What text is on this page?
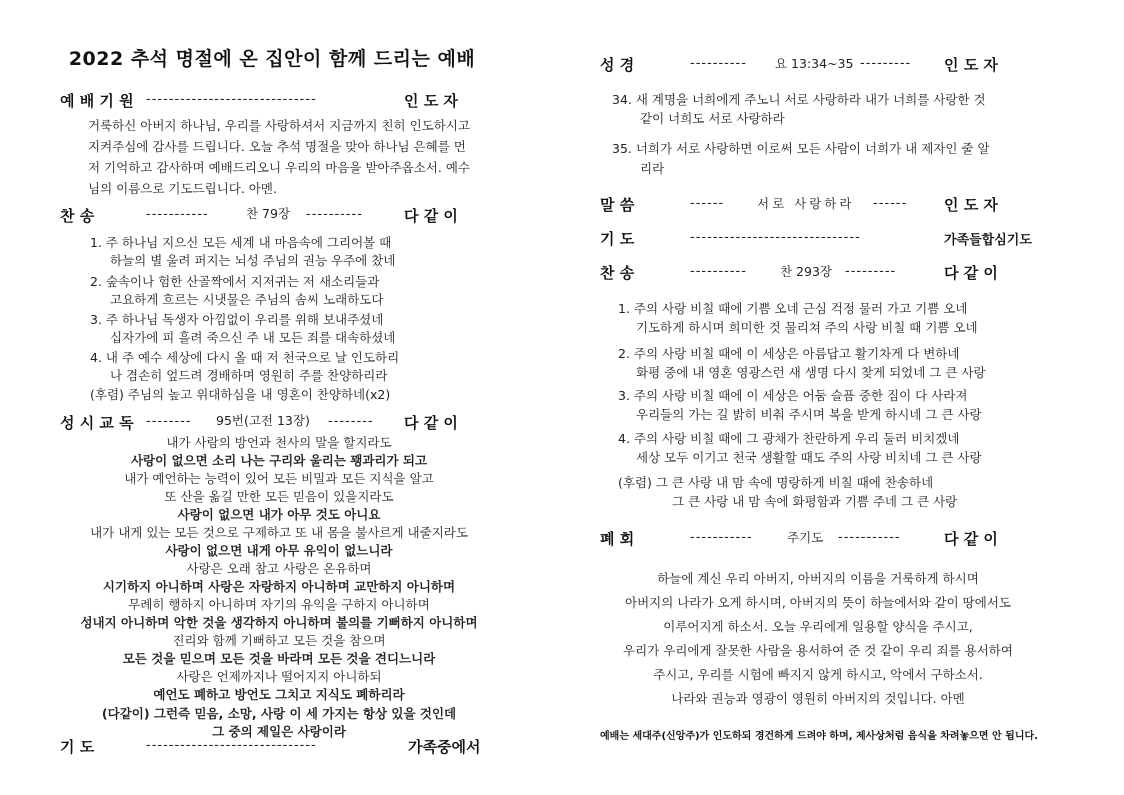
2022 추석 명절에 온 집안이 함께 드리는 예배
예 배 기 원 ------------------------------	인 도 자
거룩하신 아버지 하나님, 우리를 사랑하셔서 지금까지 친히 인도하시고
지켜주심에 감사를 드립니다. 오늘 추석 명절을 맞아 하나님 은혜를 먼
저 기억하고 감사하며 예배드리오니 우리의 마음을 받아주옵소서. 예수
님의 이름으로 기도드립니다. 아멘.
찬 송	-----------	찬 79장 ----------	다 같 이
1. 주 하나님 지으신 모든 세계 내 마음속에 그리어볼 때
하늘의 별 울려 퍼지는 뇌성 주님의 권능 우주에 찼네
2. 숲속이나 험한 산골짝에서 지저귀는 저 새소리들과
고요하게 흐르는 시냇물은 주님의 솜씨 노래하도다
3. 주 하나님 독생자 아낌없이 우리를 위해 보내주셨네
십자가에 피 흘려 죽으신 주 내 모든 죄를 대속하셨네
4. 내 주 예수 세상에 다시 올 때 저 천국으로 날 인도하리
나 겸손히 엎드려 경배하며 영원히 주를 찬양하리라
(후렴) 주님의 높고 위대하심을 내 영혼이 찬양하네(x2)
성 시 교 독 -------- 95번(고전 13장) -------- 다 같 이
내가 사람의 방언과 천사의 말을 할지라도
사랑이 없으면 소리 나는 구리와 울리는 꽹과리가 되고
내가 예언하는 능력이 있어 모든 비밀과 모든 지식을 알고
또 산을 옮길 만한 모든 믿음이 있을지라도
사랑이 없으면 내가 아무 것도 아니요
내가 내게 있는 모든 것으로 구제하고 또 내 몸을 불사르게 내줄지라도
사랑이 없으면 내게 아무 유익이 없느니라
사랑은 오래 참고 사랑은 온유하며
시기하지 아니하며 사랑은 자랑하지 아니하며 교만하지 아니하며
무례히 행하지 아니하며 자기의 유익을 구하지 아니하며
성내지 아니하며 악한 것을 생각하지 아니하며 불의를 기뻐하지 아니하며
진리와 함께 기뻐하고 모든 것을 참으며
모든 것을 믿으며 모든 것을 바라며 모든 것을 견디느니라
사랑은 언제까지나 떨어지지 아니하되
예언도 폐하고 방언도 그치고 지식도 폐하리라
(다같이) 그런즉 믿음, 소망, 사랑 이 세 가지는 항상 있을 것인데
그 중의 제일은 사랑이라
기 도	------------------------------	가족중에서
성 경	---------- 요 13:34~35 --------- 인 도 자
34. 새 계명을 너희에게 주노니 서로 사랑하라 내가 너희를 사랑한 것
같이 너희도 서로 사랑하라
35. 너희가 서로 사랑하면 이로써 모든 사람이 너희가 내 제자인 줄 알
리라
말 씀	------	서로 사랑하라 ------ 인 도 자
기 도	------------------------------	가족들합심기도
찬 송	----------	찬 293장 ---------	다 같 이
1. 주의 사랑 비칠 때에 기쁨 오네 근심 걱정 물러 가고 기쁨 오네
기도하게 하시며 희미한 것 물리쳐 주의 사랑 비칠 때 기쁨 오네
2. 주의 사랑 비칠 때에 이 세상은 아름답고 활기차게 다 변하네
화평 중에 내 영혼 영광스런 새 생명 다시 찾게 되었네 그 큰 사랑
3. 주의 사랑 비칠 때에 이 세상은 어둠 슬픔 중한 짐이 다 사라져
우리들의 가는 길 밝히 비춰 주시며 복을 받게 하시네 그 큰 사랑
4. 주의 사랑 비칠 때에 그 광채가 찬란하게 우리 둘러 비치겠네
세상 모두 이기고 천국 생활할 때도 주의 사랑 비치네 그 큰 사랑
(후렴) 그 큰 사랑 내 맘 속에 명랑하게 비칠 때에 찬송하네
그 큰 사랑 내 맘 속에 화평함과 기쁨 주네 그 큰 사랑
폐 회	-----------	주기도 -----------	다 같 이
하늘에 계신 우리 아버지, 아버지의 이름을 거룩하게 하시며
아버지의 나라가 오게 하시며, 아버지의 뜻이 하늘에서와 같이 땅에서도
이루어지게 하소서. 오늘 우리에게 일용할 양식을 주시고,
우리가 우리에게 잘못한 사람을 용서하여 준 것 같이 우리 죄를 용서하여
주시고, 우리를 시험에 빠지지 않게 하시고, 악에서 구하소서.
나라와 권능과 영광이 영원히 아버지의 것입니다. 아멘
예배는 세대주(신앙주)가 인도하되 경건하게 드려야 하며, 제사상처럼 음식을 차려놓으면 안 됩니다.
